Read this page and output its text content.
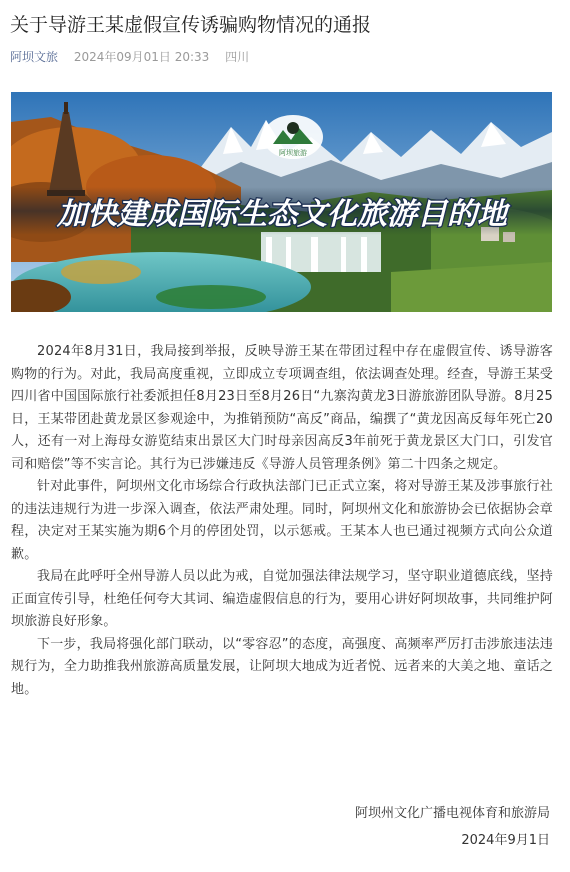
关于导游王某虚假宣传诱骗购物情况的通报
阿坝文旅 2024年09月01日 20:33 四川
阿坝旅游
加快建成国际生态文化旅游目的地

2024年8月31日，我局接到举报，反映导游王某在带团过程中存在虚假宣传、诱导游客购物的行为。对此，我局高度重视，立即成立专项调查组，依法调查处理。经查，导游王某受四川省中国国际旅行社委派担任8月23日至8月26日“九寨沟黄龙3日游旅游团队导游。8月25日，王某带团赴黄龙景区参观途中，为推销预防“高反”商品，编撰了“黄龙因高反每年死亡20人，还有一对上海母女游览结束出景区大门时母亲因高反3年前死于黄龙景区大门口，引发官司和赔偿”等不实言论。其行为已涉嫌违反《导游人员管理条例》第二十四条之规定。

针对此事件，阿坝州文化市场综合行政执法部门已正式立案，将对导游王某及涉事旅行社的违法违规行为进一步深入调查，依法严肃处理。同时，阿坝州文化和旅游协会已依据协会章程，决定对王某实施为期6个月的停团处罚，以示惩戒。王某本人也已通过视频方式向公众道歉。

我局在此呼吁全州导游人员以此为戒，自觉加强法律法规学习，坚守职业道德底线，坚持正面宣传引导，杜绝任何夸大其词、编造虚假信息的行为，要用心讲好阿坝故事，共同维护阿坝旅游良好形象。

下一步，我局将强化部门联动，以“零容忍”的态度，高强度、高频率严厉打击涉旅违法违规行为，全力助推我州旅游高质量发展，让阿坝大地成为近者悦、远者来的大美之地、童话之地。

阿坝州文化广播电视体育和旅游局
2024年9月1日
